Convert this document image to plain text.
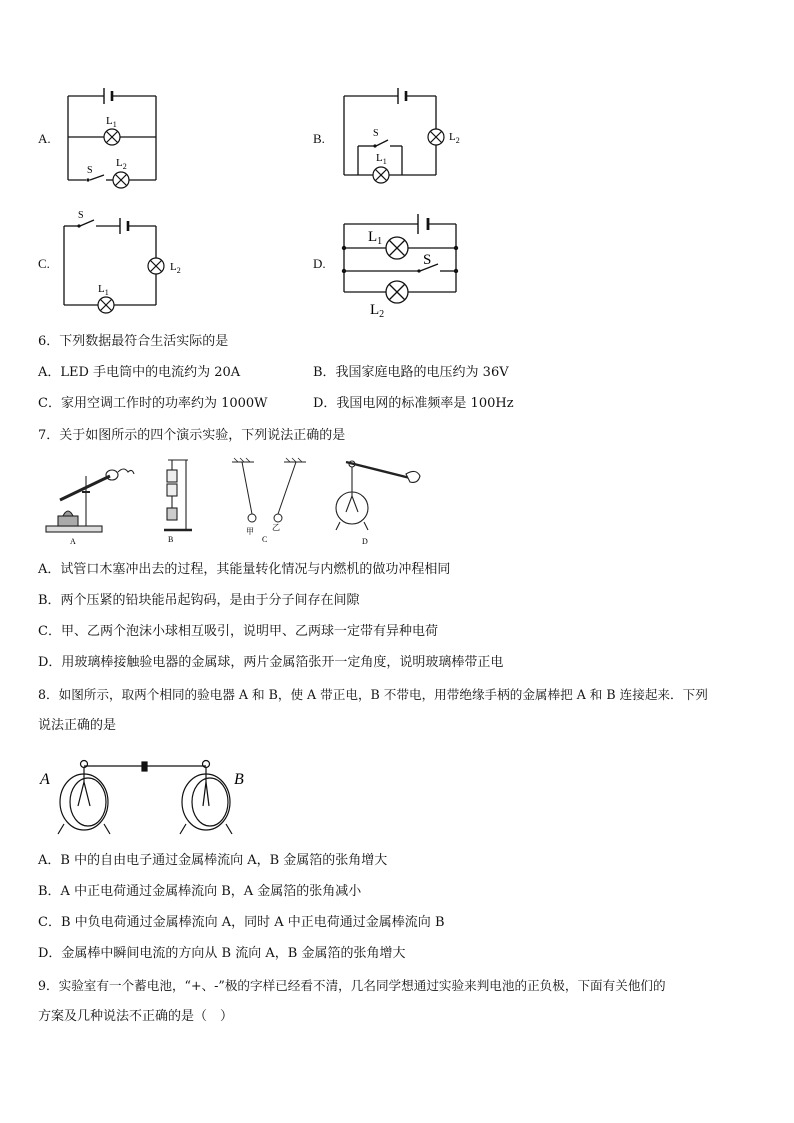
A.
$L_1$
$L_2$
S
B.	S
$L_1$
$L_2$
C.
S
$L_2$
$L_1$
D.
$L_1$
S
$L_2$
6．下列数据最符合生活实际的是
A．LED 手电筒中的电流约为 20A	B．我国家庭电路的电压约为 36V
C．家用空调工作时的功率约为 1000W	D．我国电网的标准频率是 100Hz
7．关于如图所示的四个演示实验，下列说法正确的是
A	B
甲 乙
C	D
A．试管口木塞冲出去的过程，其能量转化情况与内燃机的做功冲程相同
B．两个压紧的铅块能吊起钩码，是由于分子间存在间隙
C．甲、乙两个泡沫小球相互吸引，说明甲、乙两球一定带有异种电荷
D．用玻璃棒接触验电器的金属球，两片金属箔张开一定角度，说明玻璃棒带正电
8．如图所示，取两个相同的验电器 A 和 B，使 A 带正电，B 不带电，用带绝缘手柄的金属棒把 A 和 B 连接起来．下列
说法正确的是
A	B
A．B 中的自由电子通过金属棒流向 A，B 金属箔的张角增大
B．A 中正电荷通过金属棒流向 B，A 金属箔的张角减小
C．B 中负电荷通过金属棒流向 A，同时 A 中正电荷通过金属棒流向 B
D．金属棒中瞬间电流的方向从 B 流向 A，B 金属箔的张角增大
9．实验室有一个蓄电池，“+、-”极的字样已经看不清，几名同学想通过实验来判电池的正负极，下面有关他们的
方案及几种说法不正确的是（　）
